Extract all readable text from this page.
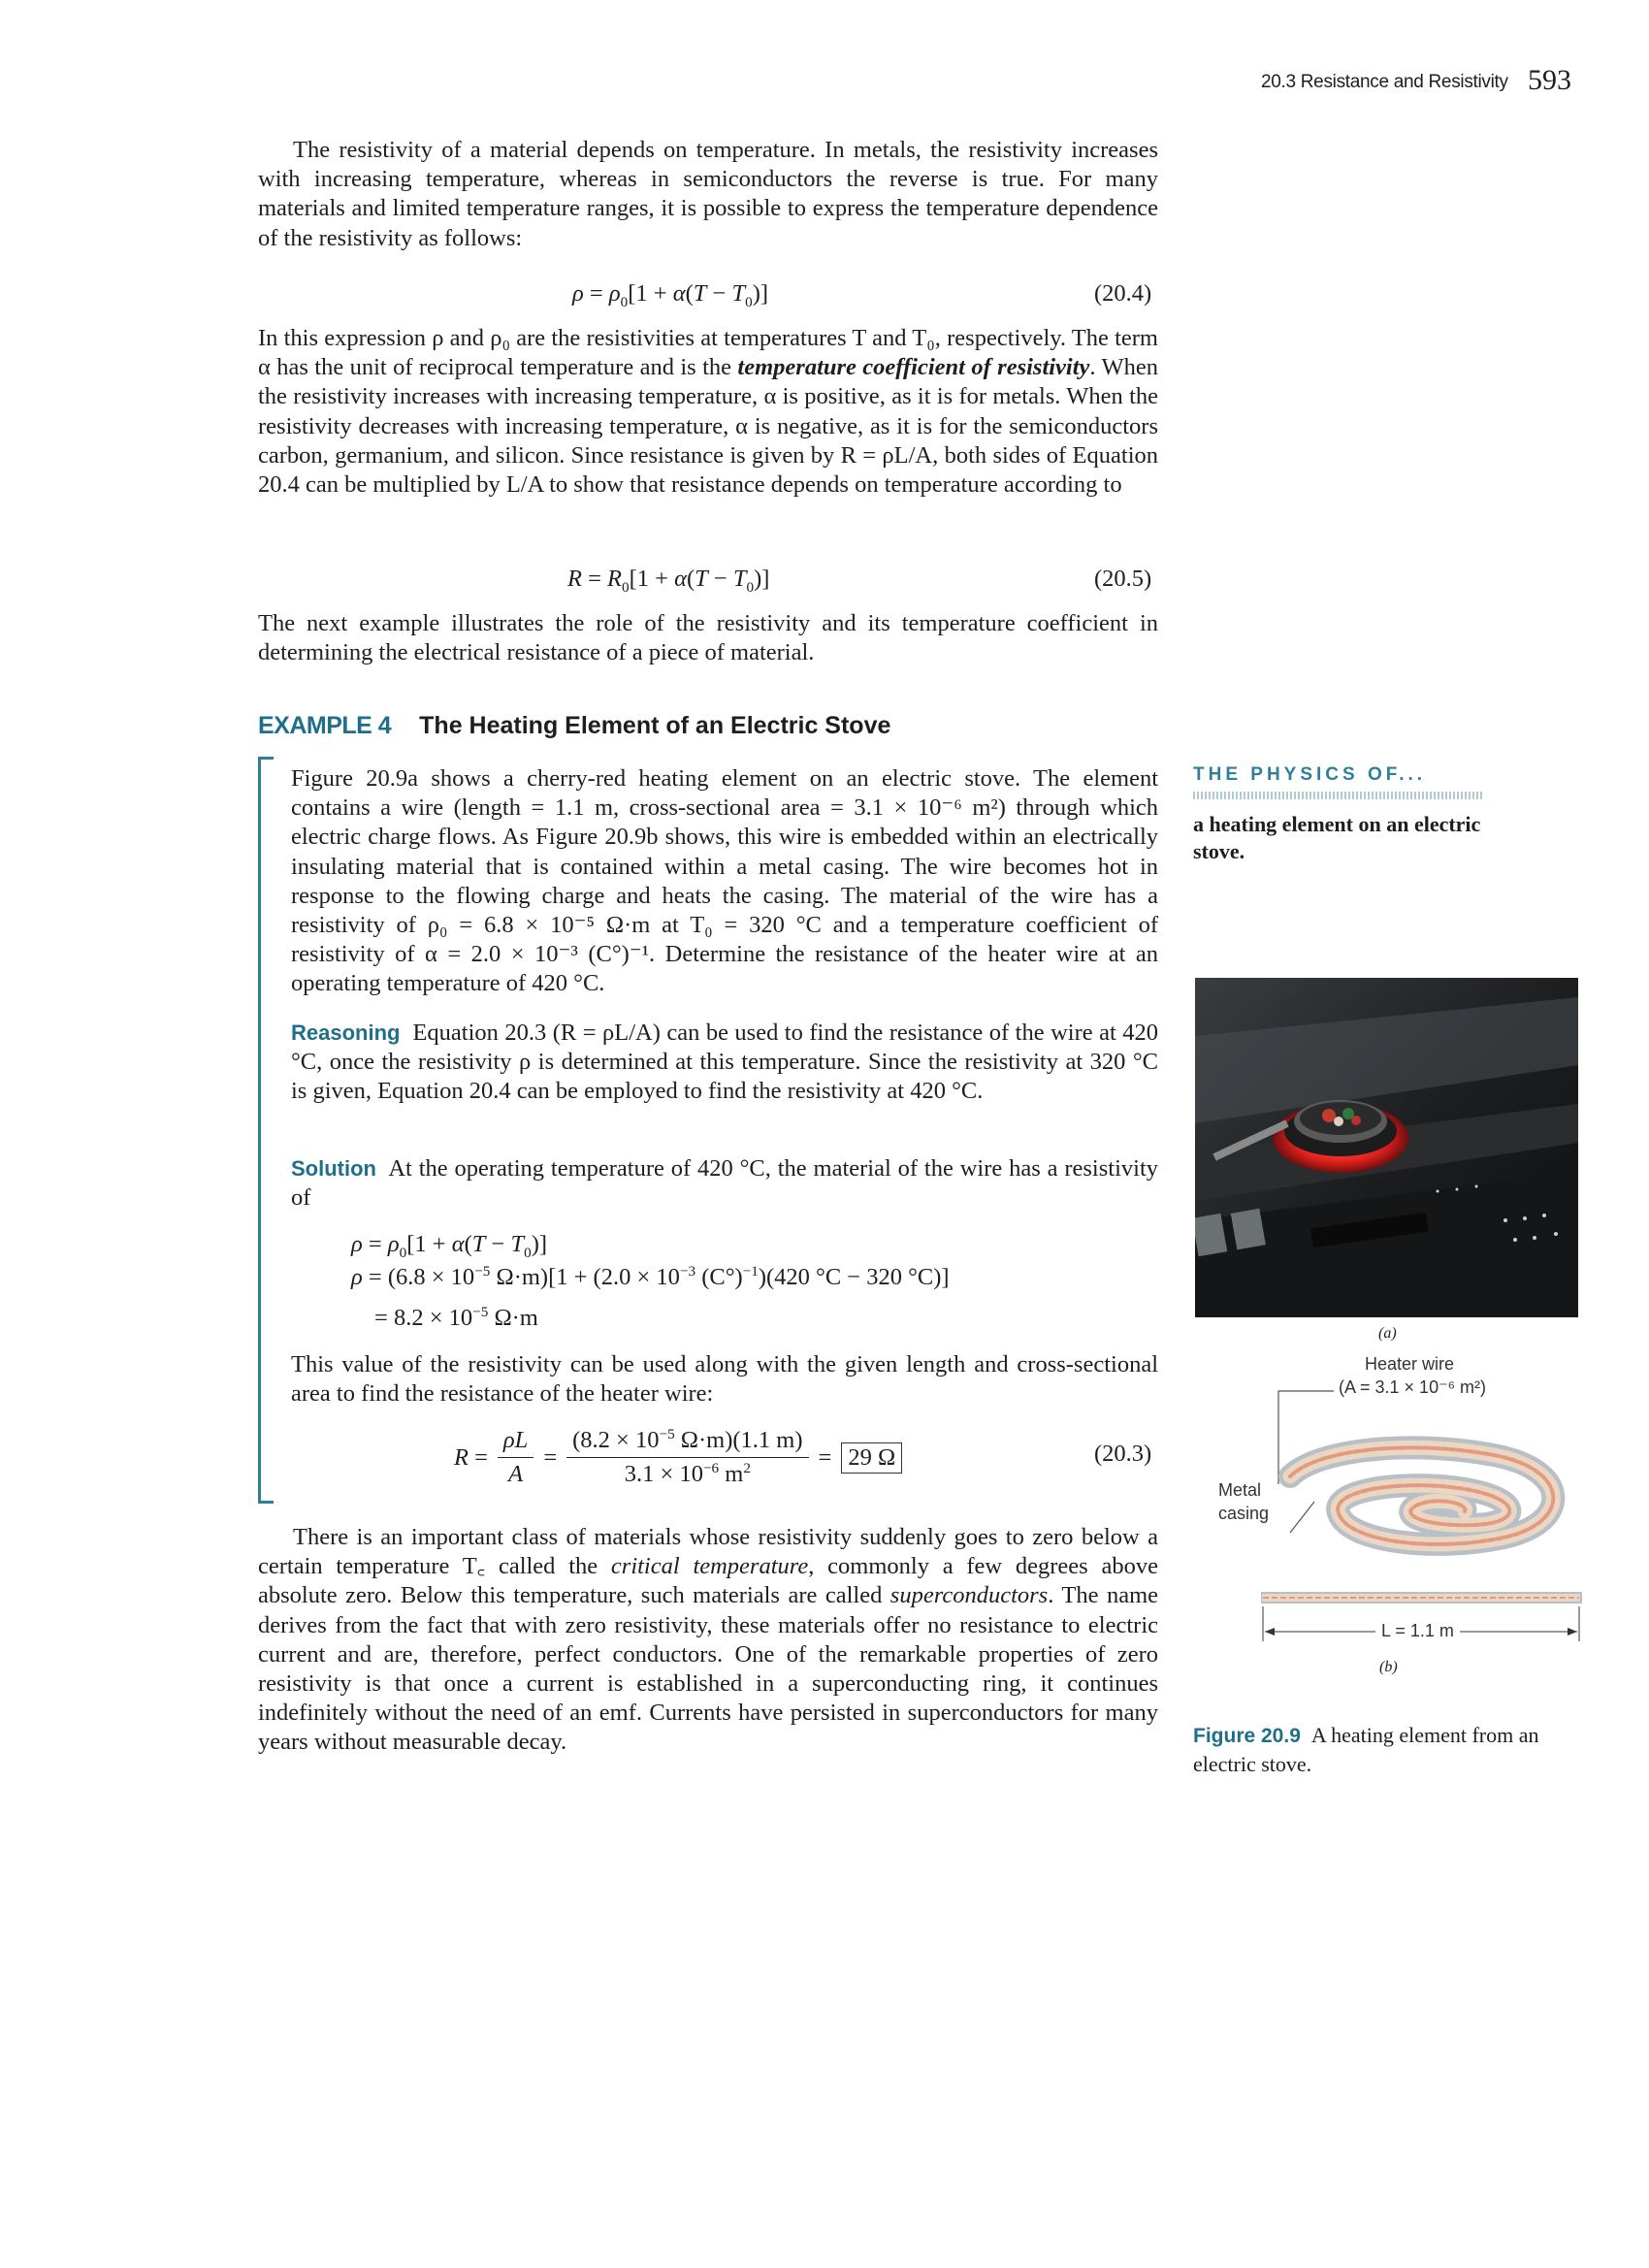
20.3 Resistance and Resistivity 593
The resistivity of a material depends on temperature. In metals, the resistivity increases with increasing temperature, whereas in semiconductors the reverse is true. For many materials and limited temperature ranges, it is possible to express the temperature dependence of the resistivity as follows:
$\rho = \rho_0[1 + \alpha(T - T_0)]$	(20.4)
In this expression ρ and ρ₀ are the resistivities at temperatures T and T₀, respectively. The term α has the unit of reciprocal temperature and is the temperature coefficient of resistivity. When the resistivity increases with increasing temperature, α is positive, as it is for metals. When the resistivity decreases with increasing temperature, α is negative, as it is for the semiconductors carbon, germanium, and silicon. Since resistance is given by R = ρL/A, both sides of Equation 20.4 can be multiplied by L/A to show that resistance depends on temperature according to
$R = R_0[1 + \alpha(T - T_0)]$	(20.5)
The next example illustrates the role of the resistivity and its temperature coefficient in determining the electrical resistance of a piece of material.
EXAMPLE 4 The Heating Element of an Electric Stove
Figure 20.9a shows a cherry-red heating element on an electric stove. The element contains a wire (length = 1.1 m, cross-sectional area = 3.1 × 10⁻⁶ m²) through which electric charge flows. As Figure 20.9b shows, this wire is embedded within an electrically insulating material that is contained within a metal casing. The wire becomes hot in response to the flowing charge and heats the casing. The material of the wire has a resistivity of ρ₀ = 6.8 × 10⁻⁵ Ω·m at T₀ = 320 °C and a temperature coefficient of resistivity of α = 2.0 × 10⁻³ (C°)⁻¹. Determine the resistance of the heater wire at an operating temperature of 420 °C.
Reasoning Equation 20.3 (R = ρL/A) can be used to find the resistance of the wire at 420 °C, once the resistivity ρ is determined at this temperature. Since the resistivity at 320 °C is given, Equation 20.4 can be employed to find the resistivity at 420 °C.
Solution At the operating temperature of 420 °C, the material of the wire has a resistivity of
$\rho = \rho_0[1 + \alpha(T - T_0)]$
$\rho = (6.8 \times 10^{-5}$ $\Omega\cdot m)[1 + (2.0 \times 10^{-3}$ $(C^\circ)^{-1})(420$ °C − 320 °C)]
= $8.2 \times 10^{-5}$ Ω·m
This value of the resistivity can be used along with the given length and cross-sectional area to find the resistance of the heater wire:
$R = \frac{\rho L}{A} = \frac{(8.2 \times 10^{-5} \Omega\cdot m)(1.1 m)}{3.1 \times 10^{-6} m^2} = 29$ Ω	(20.3)
There is an important class of materials whose resistivity suddenly goes to zero below a certain temperature T꜀ called the critical temperature, commonly a few degrees above absolute zero. Below this temperature, such materials are called superconductors. The name derives from the fact that with zero resistivity, these materials offer no resistance to electric current and are, therefore, perfect conductors. One of the remarkable properties of zero resistivity is that once a current is established in a superconducting ring, it continues indefinitely without the need of an emf. Currents have persisted in superconductors for many years without measurable decay.
THE PHYSICS OF...
a heating element on an electric stove.
(a)
Heater wire
(A = 3.1 × 10⁻⁶ m²)
Metal casing
L = 1.1 m
(b)
Figure 20.9 A heating element from an electric stove.
